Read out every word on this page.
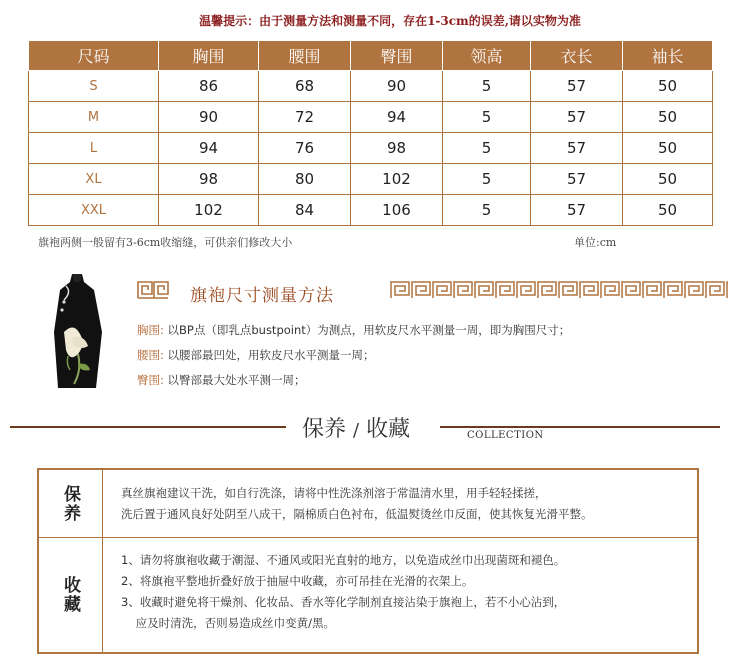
温馨提示：由于测量方法和测量不同，存在1-3cm的误差,请以实物为准
尺码	胸围	腰围	臀围	领高	衣长	袖长
S	86	68	90	5	57	50
M	90	72	94	5	57	50
L	94	76	98	5	57	50
XL	98	80	102	5	57	50
XXL	102	84	106	5	57	50
旗袍两侧一般留有3-6cm收缩缝，可供亲们修改大小	单位:cm
旗袍尺寸测量方法
胸围: 以BP点（即乳点bustpoint）为测点，用软皮尺水平测量一周，即为胸围尺寸；
腰围: 以腰部最凹处，用软皮尺水平测量一周；
臀围: 以臀部最大处水平测一周；
保养 / 收藏	COLLECTION
保养	真丝旗袍建议干洗，如自行洗涤，请将中性洗涤剂溶于常温清水里，用手轻轻揉搓，
洗后置于通风良好处阴至八成干，隔棉质白色衬布，低温熨烫丝巾反面，使其恢复光滑平整。
收藏
1、请勿将旗袍收藏于潮湿、不通风或阳光直射的地方，以免造成丝巾出现菌斑和褪色。
2、将旗袍平整地折叠好放于抽屉中收藏，亦可吊挂在光滑的衣架上。
3、收藏时避免将干燥剂、化妆品、香水等化学制剂直接沾染于旗袍上，若不小心沾到，
应及时清洗，否则易造成丝巾变黄/黑。
